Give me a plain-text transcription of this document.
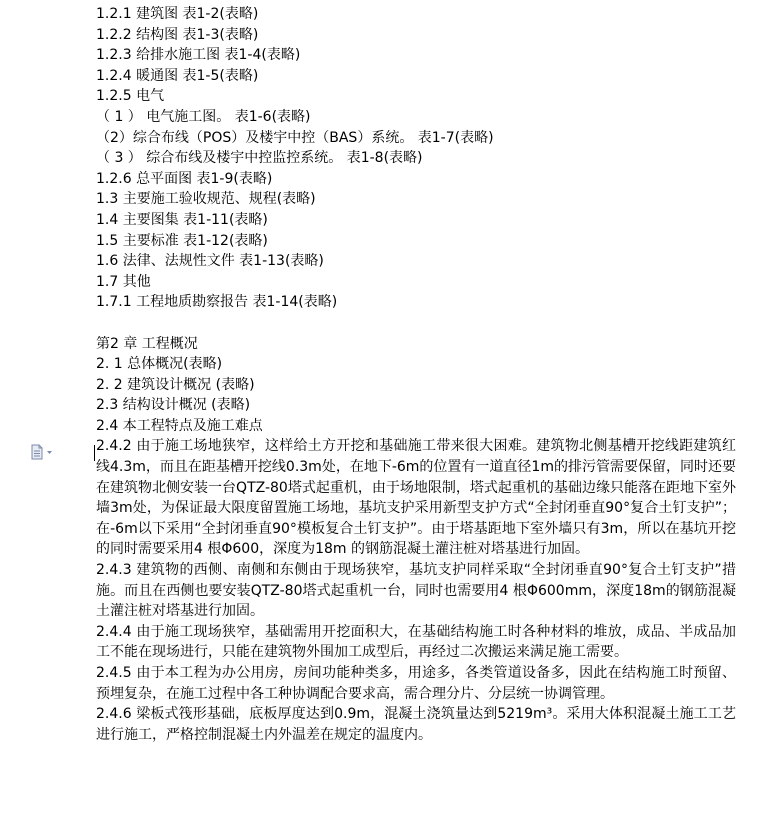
1.2.1 建筑图 表1-2(表略)
1.2.2 结构图 表1-3(表略)
1.2.3 给排水施工图 表1-4(表略)
1.2.4 暖通图 表1-5(表略)
1.2.5 电气
（ 1 ） 电气施工图。 表1-6(表略)
（2）综合布线（POS）及楼宇中控（BAS）系统。 表1-7(表略)
（ 3 ） 综合布线及楼宇中控监控系统。 表1-8(表略)
1.2.6 总平面图 表1-9(表略)
1.3 主要施工验收规范、规程(表略)
1.4 主要图集 表1-11(表略)
1.5 主要标准 表1-12(表略)
1.6 法律、法规性文件 表1-13(表略)
1.7 其他
1.7.1 工程地质勘察报告 表1-14(表略)
第2 章 工程概况
2. 1 总体概况(表略)
2. 2 建筑设计概况 (表略)
2.3 结构设计概况 (表略)
2.4 本工程特点及施工难点
2.4.2 由于施工场地狭窄，这样给土方开挖和基础施工带来很大困难。建筑物北侧基槽开挖线距建筑红线4.3m，而且在距基槽开挖线0.3m处，在地下-6m的位置有一道直径1m的排污管需要保留，同时还要在建筑物北侧安装一台QTZ-80塔式起重机，由于场地限制，塔式起重机的基础边缘只能落在距地下室外墙3m处，为保证最大限度留置施工场地，基坑支护采用新型支护方式“全封闭垂直90°复合土钉支护”；在-6m以下采用“全封闭垂直90°模板复合土钉支护”。由于塔基距地下室外墙只有3m，所以在基坑开挖的同时需要采用4 根Φ600，深度为18m 的钢筋混凝土灌注桩对塔基进行加固。
2.4.3 建筑物的西侧、南侧和东侧由于现场狭窄，基坑支护同样采取“全封闭垂直90°复合土钉支护”措施。而且在西侧也要安装QTZ-80塔式起重机一台，同时也需要用4 根Φ600mm，深度18m的钢筋混凝土灌注桩对塔基进行加固。
2.4.4 由于施工现场狭窄，基础需用开挖面积大，在基础结构施工时各种材料的堆放，成品、半成品加工不能在现场进行，只能在建筑物外围加工成型后，再经过二次搬运来满足施工需要。
2.4.5 由于本工程为办公用房，房间功能种类多，用途多，各类管道设备多，因此在结构施工时预留、预埋复杂，在施工过程中各工种协调配合要求高，需合理分片、分层统一协调管理。
2.4.6 梁板式筏形基础，底板厚度达到0.9m，混凝土浇筑量达到5219m³。采用大体积混凝土施工工艺进行施工，严格控制混凝土内外温差在规定的温度内。
